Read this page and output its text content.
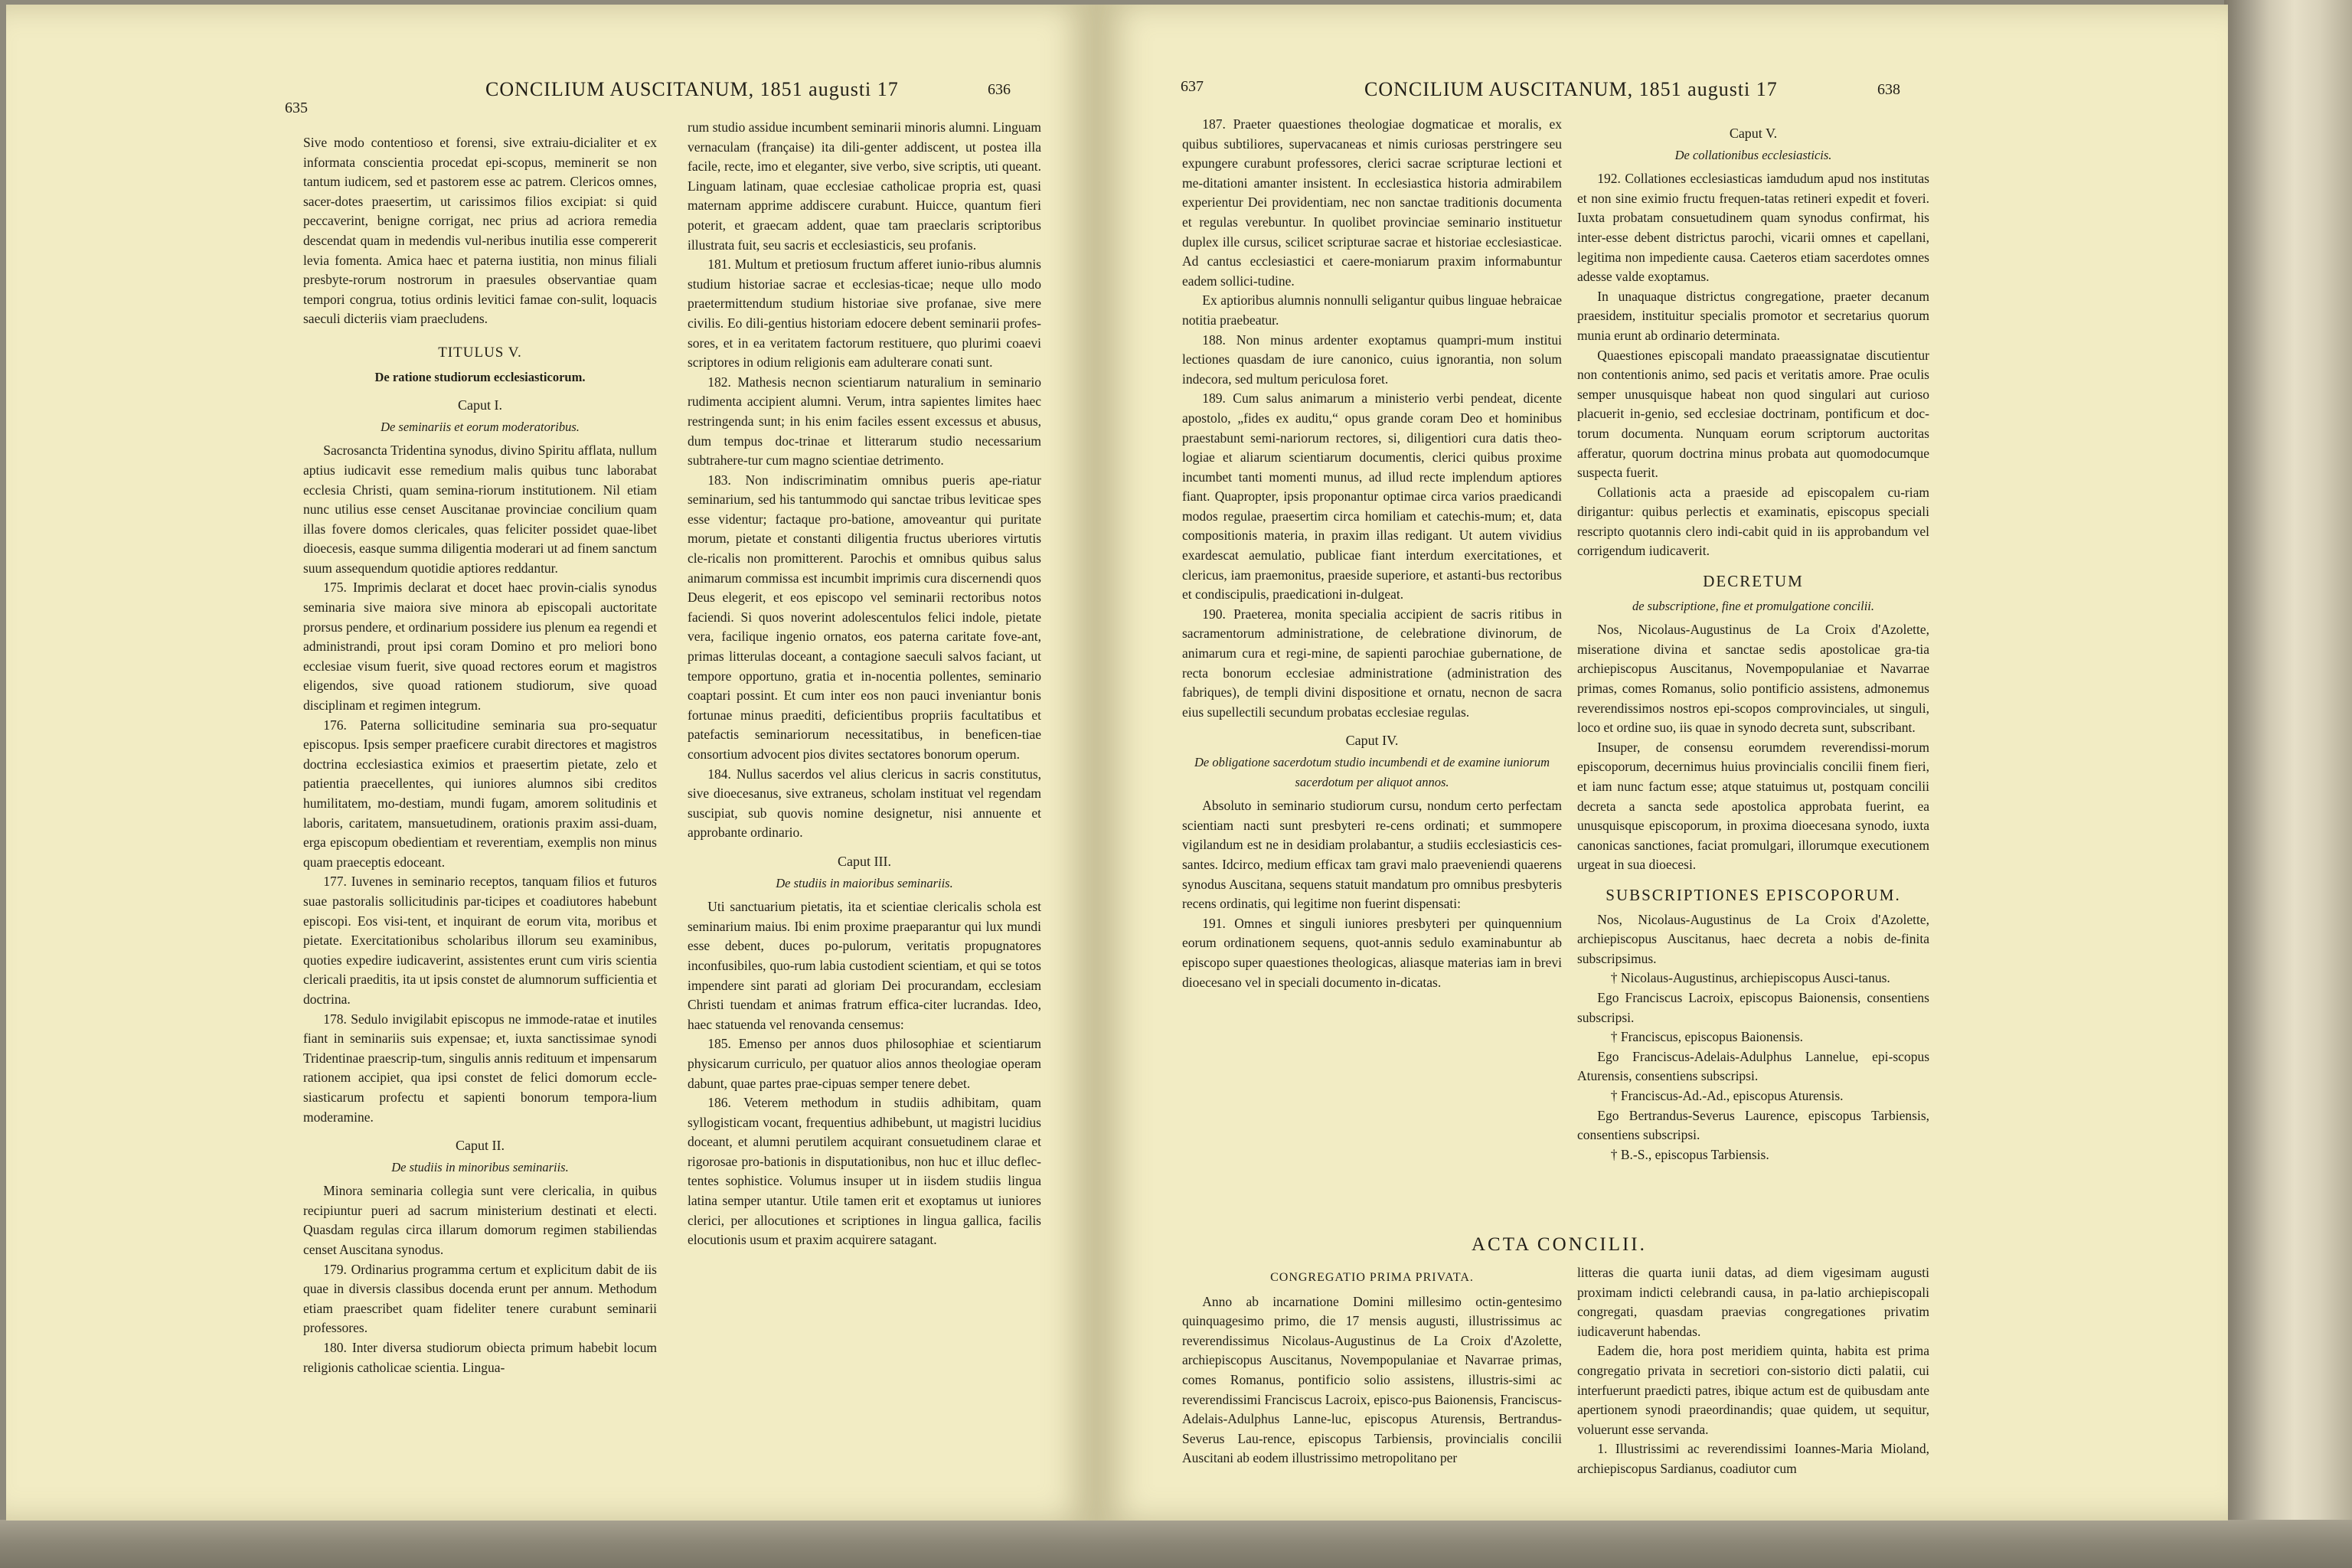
635
CONCILIUM AUSCITANUM, 1851 augusti 17	636

Sive modo contentioso et forensi, sive extraiu-dicialiter et ex informata conscientia procedat epi-scopus, meminerit se non tantum iudicem, sed et pastorem esse ac patrem. Clericos omnes, sacer-dotes praesertim, ut carissimos filios excipiat: si quid peccaverint, benigne corrigat, nec prius ad acriora remedia descendat quam in medendis vul-neribus inutilia esse compererit levia fomenta. Amica haec et paterna iustitia, non minus filiali presbyte-rorum nostrorum in praesules observantiae quam tempori congrua, totius ordinis levitici famae con-sulit, loquacis saeculi dicteriis viam praecludens.

TITULUS V.
De ratione studiorum ecclesiasticorum.
Caput I.
De seminariis et eorum moderatoribus.

Sacrosancta Tridentina synodus, divino Spiritu afflata, nullum aptius iudicavit esse remedium malis quibus tunc laborabat ecclesia Christi, quam semina-riorum institutionem. Nil etiam nunc utilius esse censet Auscitanae provinciae concilium quam illas fovere domos clericales, quas feliciter possidet quae-libet dioecesis, easque summa diligentia moderari ut ad finem sanctum suum assequendum quotidie aptiores reddantur.

175. Imprimis declarat et docet haec provin-cialis synodus seminaria sive maiora sive minora ab episcopali auctoritate prorsus pendere, et ordinarium possidere ius plenum ea regendi et administrandi, prout ipsi coram Domino et pro meliori bono ecclesiae visum fuerit, sive quoad rectores eorum et magistros eligendos, sive quoad rationem studiorum, sive quoad disciplinam et regimen integrum.

176. Paterna sollicitudine seminaria sua pro-sequatur episcopus. Ipsis semper praeficere curabit directores et magistros doctrina ecclesiastica eximios et praesertim pietate, zelo et patientia praecellentes, qui iuniores alumnos sibi creditos humilitatem, mo-destiam, mundi fugam, amorem solitudinis et laboris, caritatem, mansuetudinem, orationis praxim assi-duam, erga episcopum obedientiam et reverentiam, exemplis non minus quam praeceptis edoceant.

177. Iuvenes in seminario receptos, tanquam filios et futuros suae pastoralis sollicitudinis par-ticipes et coadiutores habebunt episcopi. Eos visi-tent, et inquirant de eorum vita, moribus et pietate. Exercitationibus scholaribus illorum seu examinibus, quoties expedire iudicaverint, assistentes erunt cum viris scientia clericali praeditis, ita ut ipsis constet de alumnorum sufficientia et doctrina.

178. Sedulo invigilabit episcopus ne immode-ratae et inutiles fiant in seminariis suis expensae; et, iuxta sanctissimae synodi Tridentinae praescrip-tum, singulis annis redituum et impensarum rationem accipiet, qua ipsi constet de felici domorum eccle-siasticarum profectu et sapienti bonorum tempora-lium moderamine.

Caput II.
De studiis in minoribus seminariis.

Minora seminaria collegia sunt vere clericalia, in quibus recipiuntur pueri ad sacrum ministerium destinati et electi. Quasdam regulas circa illarum domorum regimen stabiliendas censet Auscitana synodus.

179. Ordinarius programma certum et explicitum dabit de iis quae in diversis classibus docenda erunt per annum. Methodum etiam praescribet quam fideliter tenere curabunt seminarii professores.

180. Inter diversa studiorum obiecta primum habebit locum religionis catholicae scientia. Lingua-

rum studio assidue incumbent seminarii minoris alumni. Linguam vernaculam (française) ita dili-genter addiscent, ut postea illa facile, recte, imo et eleganter, sive verbo, sive scriptis, uti queant. Linguam latinam, quae ecclesiae catholicae propria est, quasi maternam apprime addiscere curabunt. Huicce, quantum fieri poterit, et graecam addent, quae tam praeclaris scriptoribus illustrata fuit, seu sacris et ecclesiasticis, seu profanis.

181. Multum et pretiosum fructum afferet iunio-ribus alumnis studium historiae sacrae et ecclesias-ticae; neque ullo modo praetermittendum studium historiae sive profanae, sive mere civilis. Eo dili-gentius historiam edocere debent seminarii profes-sores, et in ea veritatem factorum restituere, quo plurimi coaevi scriptores in odium religionis eam adulterare conati sunt.

182. Mathesis necnon scientiarum naturalium in seminario rudimenta accipient alumni. Verum, intra sapientes limites haec restringenda sunt; in his enim faciles essent excessus et abusus, dum tempus doc-trinae et litterarum studio necessarium subtrahere-tur cum magno scientiae detrimento.

183. Non indiscriminatim omnibus pueris ape-riatur seminarium, sed his tantummodo qui sanctae tribus leviticae spes esse videntur; factaque pro-batione, amoveantur qui puritate morum, pietate et constanti diligentia fructus uberiores virtutis cle-ricalis non promitterent. Parochis et omnibus quibus salus animarum commissa est incumbit imprimis cura discernendi quos Deus elegerit, et eos episcopo vel seminarii rectoribus notos faciendi. Si quos noverint adolescentulos felici indole, pietate vera, facilique ingenio ornatos, eos paterna caritate fove-ant, primas litterulas doceant, a contagione saeculi salvos faciant, ut tempore opportuno, gratia et in-nocentia pollentes, seminario coaptari possint. Et cum inter eos non pauci inveniantur bonis fortunae minus praediti, deficientibus propriis facultatibus et patefactis seminariorum necessitatibus, in beneficen-tiae consortium advocent pios divites sectatores bonorum operum.

184. Nullus sacerdos vel alius clericus in sacris constitutus, sive dioecesanus, sive extraneus, scholam instituat vel regendam suscipiat, sub quovis nomine designetur, nisi annuente et approbante ordinario.

Caput III.
De studiis in maioribus seminariis.

Uti sanctuarium pietatis, ita et scientiae clericalis schola est seminarium maius. Ibi enim proxime praeparantur qui lux mundi esse debent, duces po-pulorum, veritatis propugnatores inconfusibiles, quo-rum labia custodient scientiam, et qui se totos impendere sint parati ad gloriam Dei procurandam, ecclesiam Christi tuendam et animas fratrum effica-citer lucrandas. Ideo, haec statuenda vel renovanda censemus:

185. Emenso per annos duos philosophiae et scientiarum physicarum curriculo, per quatuor alios annos theologiae operam dabunt, quae partes prae-cipuas semper tenere debet.

186. Veterem methodum in studiis adhibitam, quam syllogisticam vocant, frequentius adhibebunt, ut magistri lucidius doceant, et alumni perutilem acquirant consuetudinem clarae et rigorosae pro-bationis in disputationibus, non huc et illuc deflec-tentes sophistice. Volumus insuper ut in iisdem studiis lingua latina semper utantur. Utile tamen erit et exoptamus ut iuniores clerici, per allocutiones et scriptiones in lingua gallica, facilis elocutionis usum et praxim acquirere satagant.

637	CONCILIUM AUSCITANUM, 1851 augusti 17	638

187. Praeter quaestiones theologiae dogmaticae et moralis, ex quibus subtiliores, supervacaneas et nimis curiosas perstringere seu expungere curabunt professores, clerici sacrae scripturae lectioni et me-ditationi amanter insistent. In ecclesiastica historia admirabilem experientur Dei providentiam, nec non sanctae traditionis documenta et regulas verebuntur. In quolibet provinciae seminario instituetur duplex ille cursus, scilicet scripturae sacrae et historiae ecclesiasticae. Ad cantus ecclesiastici et caere-moniarum praxim informabuntur eadem sollici-tudine.

Ex aptioribus alumnis nonnulli seligantur quibus linguae hebraicae notitia praebeatur.

188. Non minus ardenter exoptamus quampri-mum institui lectiones quasdam de iure canonico, cuius ignorantia, non solum indecora, sed multum periculosa foret.

189. Cum salus animarum a ministerio verbi pendeat, dicente apostolo, „fides ex auditu,“ opus grande coram Deo et hominibus praestabunt semi-nariorum rectores, si, diligentiori cura datis theo-logiae et aliarum scientiarum documentis, clerici quibus proxime incumbet tanti momenti munus, ad illud recte implendum aptiores fiant. Quapropter, ipsis proponantur optimae circa varios praedicandi modos regulae, praesertim circa homiliam et catechis-mum; et, data compositionis materia, in praxim illas redigant. Ut autem vividius exardescat aemulatio, publicae fiant interdum exercitationes, et clericus, iam praemonitus, praeside superiore, et astanti-bus rectoribus et condiscipulis, praedicationi in-dulgeat.

190. Praeterea, monita specialia accipient de sacris ritibus in sacramentorum administratione, de celebratione divinorum, de animarum cura et regi-mine, de sapienti parochiae gubernatione, de recta bonorum ecclesiae administratione (administration des fabriques), de templi divini dispositione et ornatu, necnon de sacra eius supellectili secundum probatas ecclesiae regulas.

Caput IV.
De obligatione sacerdotum studio incumbendi et de examine iuniorum sacerdotum per aliquot annos.

Absoluto in seminario studiorum cursu, nondum certo perfectam scientiam nacti sunt presbyteri re-cens ordinati; et summopere vigilandum est ne in desidiam prolabantur, a studiis ecclesiasticis ces-santes. Idcirco, medium efficax tam gravi malo praeveniendi quaerens synodus Auscitana, sequens statuit mandatum pro omnibus presbyteris recens ordinatis, qui legitime non fuerint dispensati:

191. Omnes et singuli iuniores presbyteri per quinquennium eorum ordinationem sequens, quot-annis sedulo examinabuntur ab episcopo super quaestiones theologicas, aliasque materias iam in brevi dioecesano vel in speciali documento in-dicatas.

Caput V.
De collationibus ecclesiasticis.

192. Collationes ecclesiasticas iamdudum apud nos institutas et non sine eximio fructu frequen-tatas retineri expedit et foveri. Iuxta probatam consuetudinem quam synodus confirmat, his inter-esse debent districtus parochi, vicarii omnes et capellani, legitima non impediente causa. Caeteros etiam sacerdotes omnes adesse valde exoptamus.

In unaquaque districtus congregatione, praeter decanum praesidem, instituitur specialis promotor et secretarius quorum munia erunt ab ordinario determinata.

Quaestiones episcopali mandato praeassignatae discutientur non contentionis animo, sed pacis et veritatis amore. Prae oculis semper unusquisque habeat non quod singulari aut curioso placuerit in-genio, sed ecclesiae doctrinam, pontificum et doc-torum documenta. Nunquam eorum scriptorum auctoritas afferatur, quorum doctrina minus probata aut quomodocumque suspecta fuerit.

Collationis acta a praeside ad episcopalem cu-riam dirigantur: quibus perlectis et examinatis, episcopus speciali rescripto quotannis clero indi-cabit quid in iis approbandum vel corrigendum iudicaverit.

DECRETUM
de subscriptione, fine et promulgatione concilii.

Nos, Nicolaus-Augustinus de La Croix d'Azolette, miseratione divina et sanctae sedis apostolicae gra-tia archiepiscopus Auscitanus, Novempopulaniae et Navarrae primas, comes Romanus, solio pontificio assistens, admonemus reverendissimos nostros epi-scopos comprovinciales, ut singuli, loco et ordine suo, iis quae in synodo decreta sunt, subscribant.

Insuper, de consensu eorumdem reverendissi-morum episcoporum, decernimus huius provincialis concilii finem fieri, et iam nunc factum esse; atque statuimus ut, postquam concilii decreta a sancta sede apostolica approbata fuerint, ea unusquisque episcoporum, in proxima dioecesana synodo, iuxta canonicas sanctiones, faciat promulgari, illorumque executionem urgeat in sua dioecesi.

SUBSCRIPTIONES EPISCOPORUM.

Nos, Nicolaus-Augustinus de La Croix d'Azolette, archiepiscopus Auscitanus, haec decreta a nobis de-finita subscripsimus.

† Nicolaus-Augustinus, archiepiscopus Ausci-tanus.

Ego Franciscus Lacroix, episcopus Baionensis, consentiens subscripsi.

† Franciscus, episcopus Baionensis.

Ego Franciscus-Adelais-Adulphus Lannelue, epi-scopus Aturensis, consentiens subscripsi.

† Franciscus-Ad.-Ad., episcopus Aturensis.

Ego Bertrandus-Severus Laurence, episcopus Tarbiensis, consentiens subscripsi.

† B.-S., episcopus Tarbiensis.

ACTA CONCILII.
CONGREGATIO PRIMA PRIVATA.

Anno ab incarnatione Domini millesimo octin-gentesimo quinquagesimo primo, die 17 mensis augusti, illustrissimus ac reverendissimus Nicolaus-Augustinus de La Croix d'Azolette, archiepiscopus Auscitanus, Novempopulaniae et Navarrae primas, comes Romanus, pontificio solio assistens, illustris-simi ac reverendissimi Franciscus Lacroix, episco-pus Baionensis, Franciscus-Adelais-Adulphus Lanne-luc, episcopus Aturensis, Bertrandus-Severus Lau-rence, episcopus Tarbiensis, provincialis concilii Auscitani ab eodem illustrissimo metropolitano per

litteras die quarta iunii datas, ad diem vigesimam augusti proximam indicti celebrandi causa, in pa-latio archiepiscopali congregati, quasdam praevias congregationes privatim iudicaverunt habendas.

Eadem die, hora post meridiem quinta, habita est prima congregatio privata in secretiori con-sistorio dicti palatii, cui interfuerunt praedicti patres, ibique actum est de quibusdam ante apertionem synodi praeordinandis; quae quidem, ut sequitur, voluerunt esse servanda.

1. Illustrissimi ac reverendissimi Ioannes-Maria Mioland, archiepiscopus Sardianus, coadiutor cum
